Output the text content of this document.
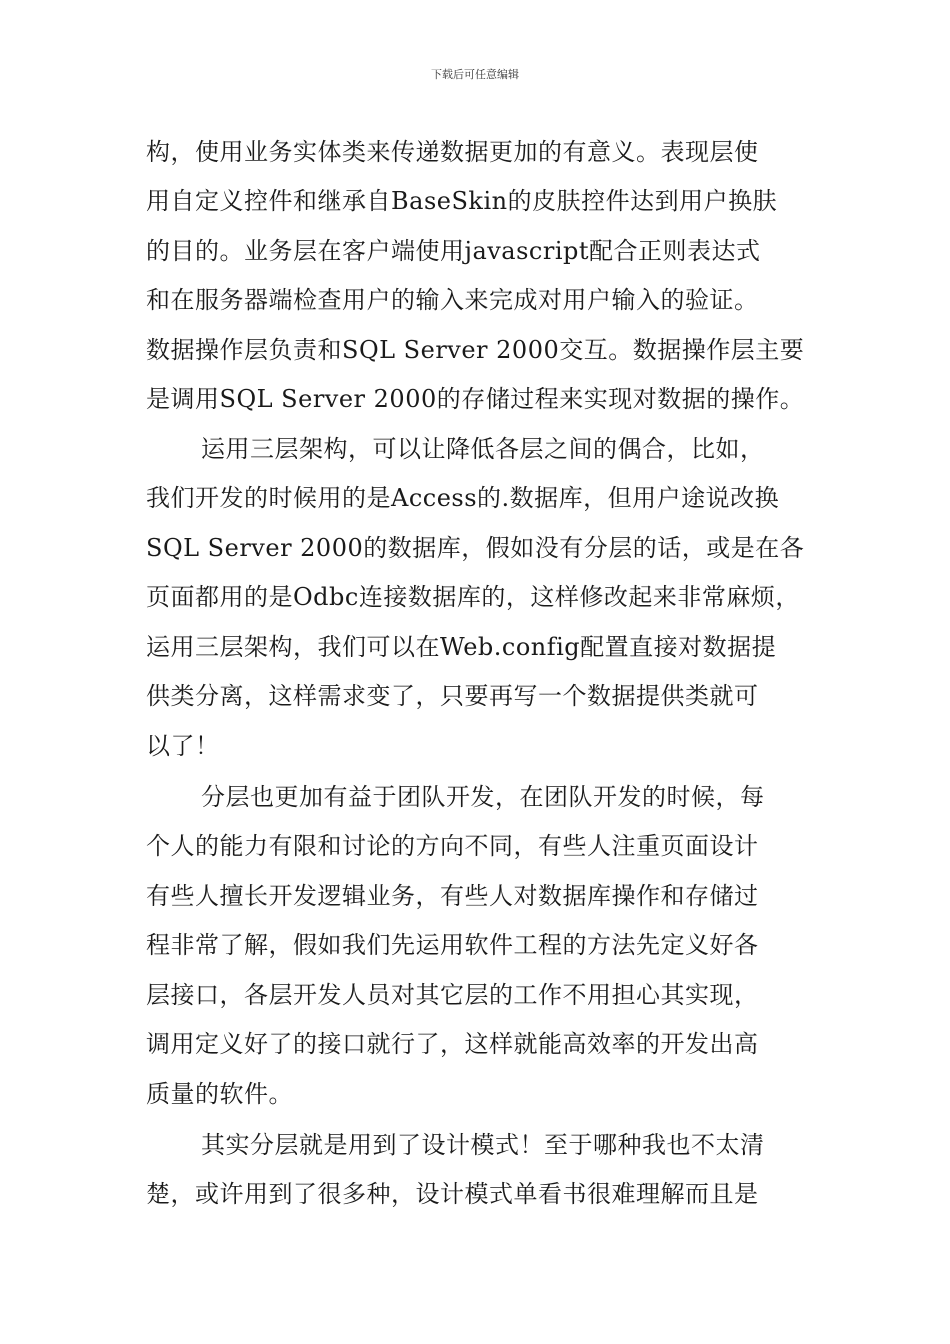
下载后可任意编辑
构，使用业务实体类来传递数据更加的有意义。表现层使
用自定义控件和继承自BaseSkin的皮肤控件达到用户换肤
的目的。业务层在客户端使用javascript配合正则表达式
和在服务器端检查用户的输入来完成对用户输入的验证。
数据操作层负责和SQL Server 2000交互。数据操作层主要
是调用SQL Server 2000的存储过程来实现对数据的操作。
运用三层架构，可以让降低各层之间的偶合，比如，
我们开发的时候用的是Access的.数据库，但用户途说改换
SQL Server 2000的数据库，假如没有分层的话，或是在各
页面都用的是Odbc连接数据库的，这样修改起来非常麻烦，
运用三层架构，我们可以在Web.config配置直接对数据提
供类分离，这样需求变了，只要再写一个数据提供类就可
以了！
分层也更加有益于团队开发，在团队开发的时候，每
个人的能力有限和讨论的方向不同，有些人注重页面设计
有些人擅长开发逻辑业务，有些人对数据库操作和存储过
程非常了解，假如我们先运用软件工程的方法先定义好各
层接口，各层开发人员对其它层的工作不用担心其实现，
调用定义好了的接口就行了，这样就能高效率的开发出高
质量的软件。
其实分层就是用到了设计模式！至于哪种我也不太清
楚，或许用到了很多种，设计模式单看书很难理解而且是
